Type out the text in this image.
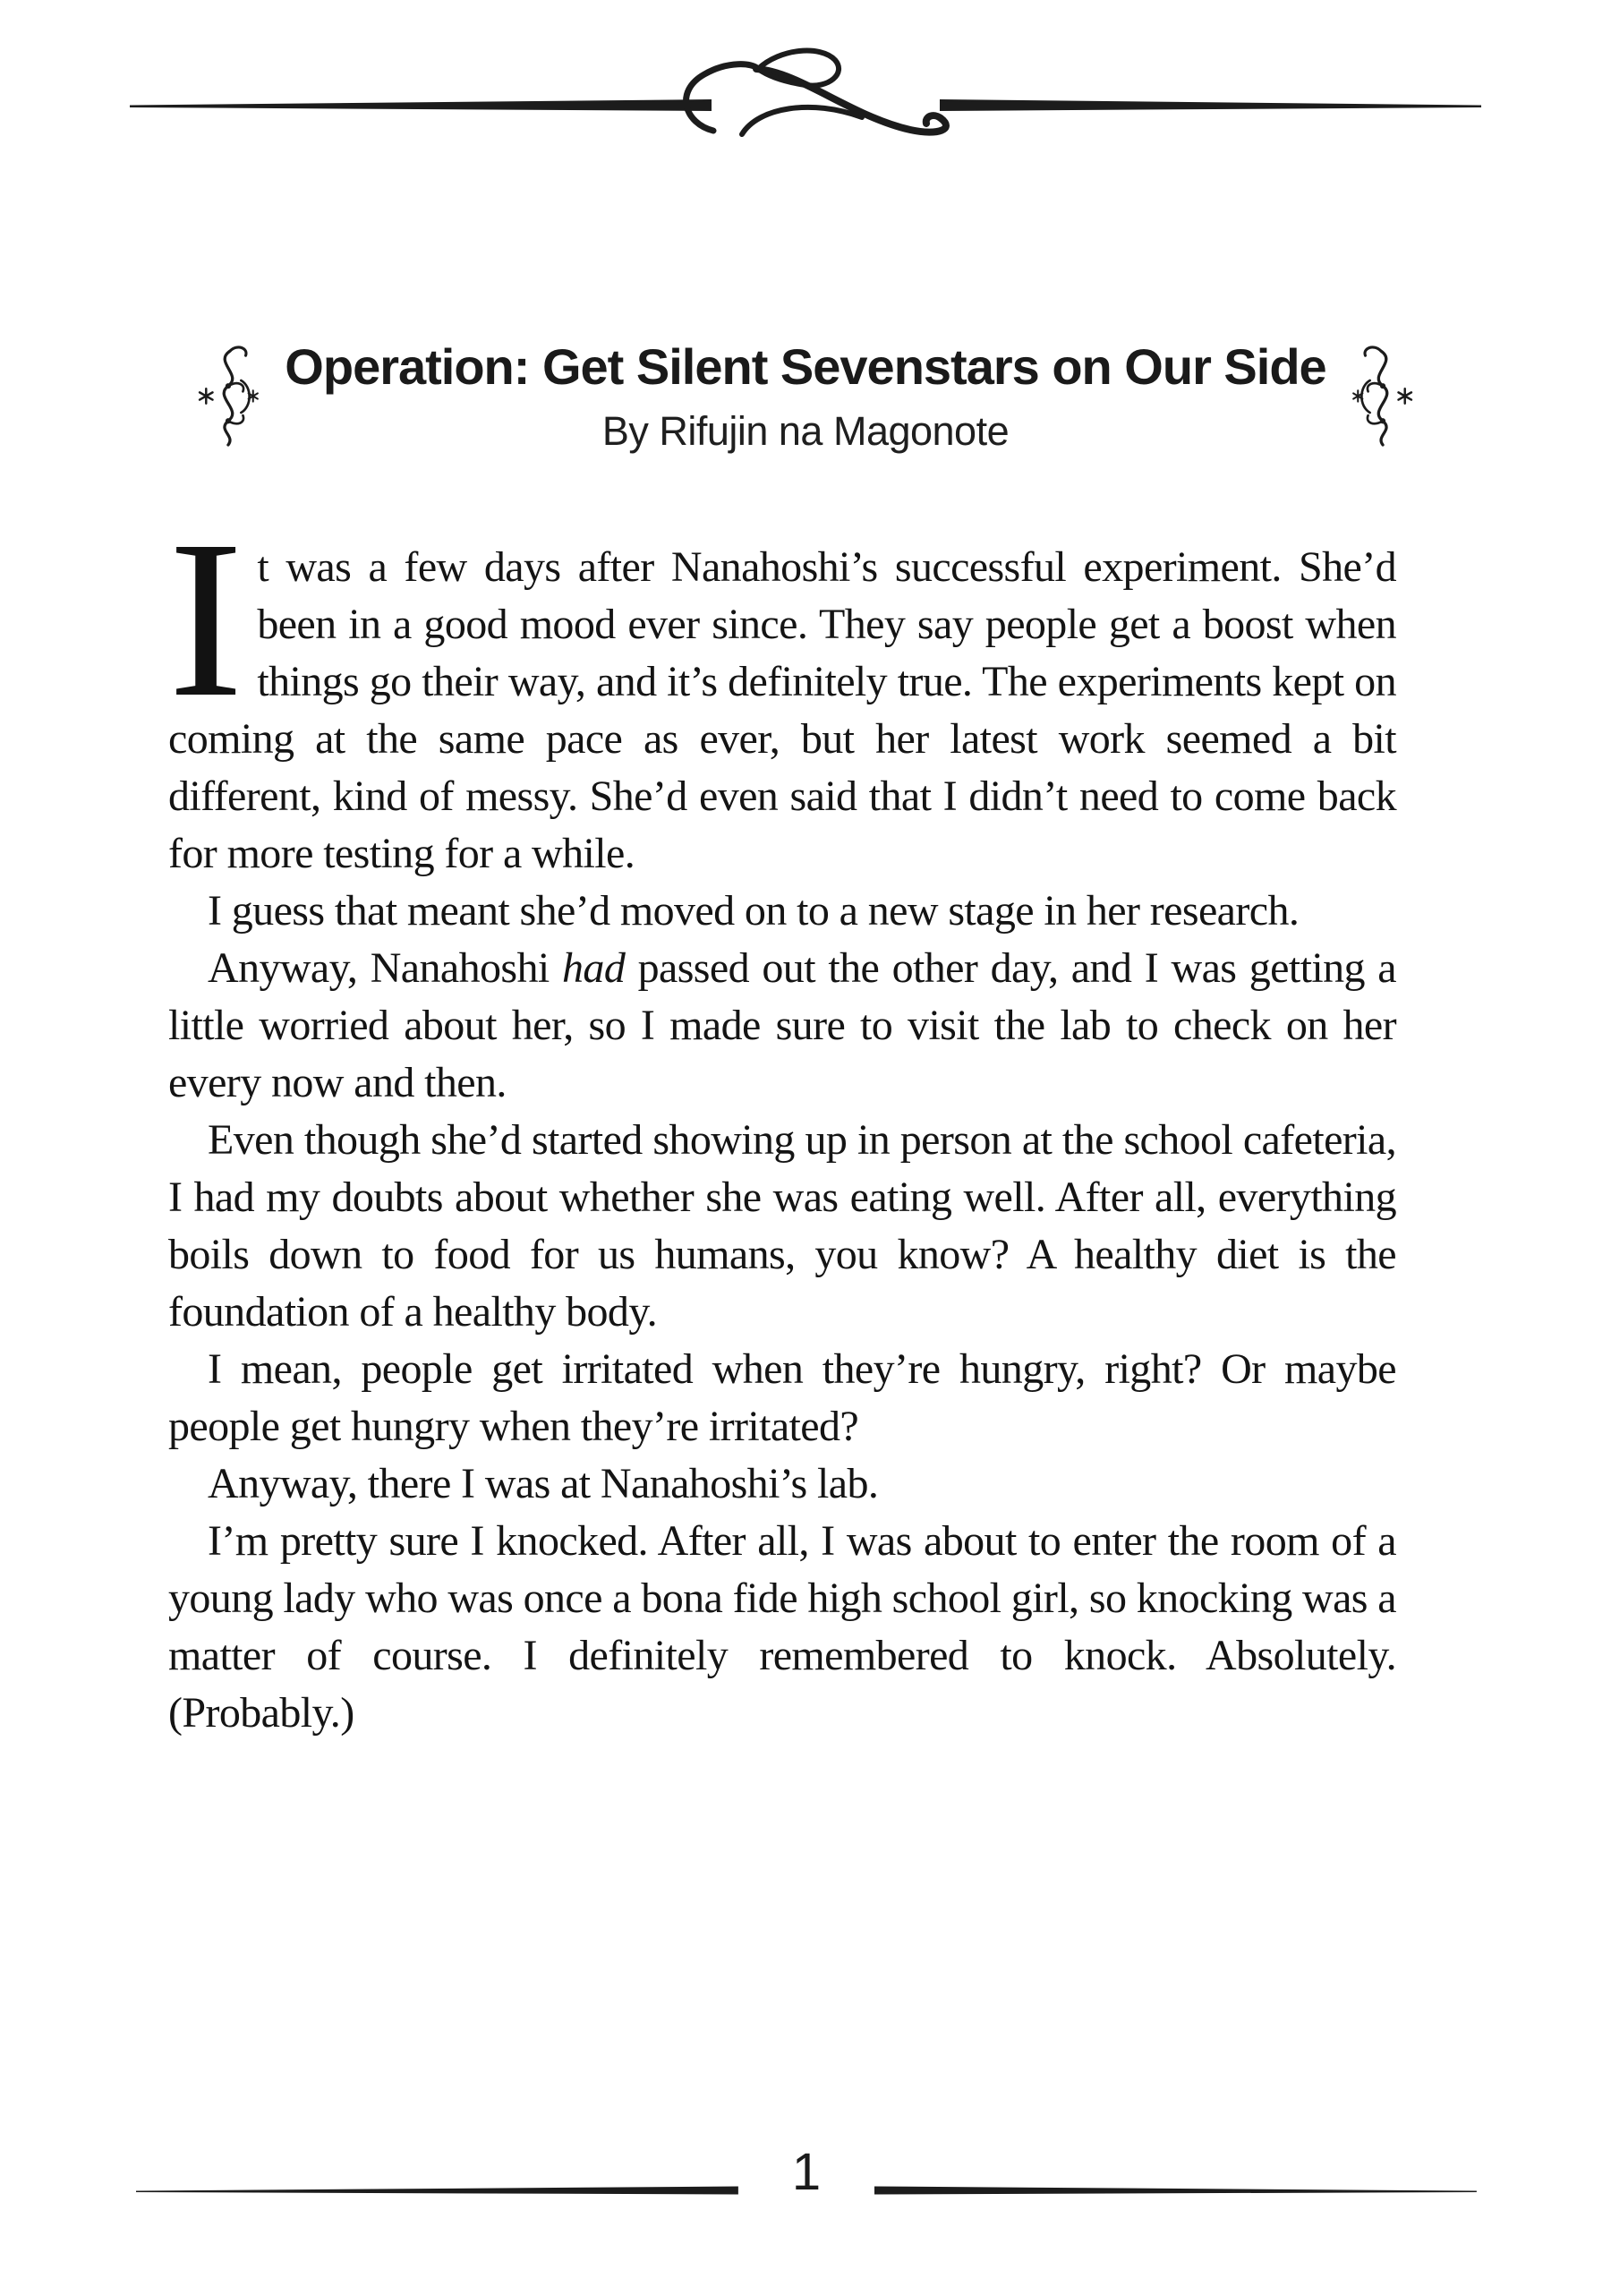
Operation: Get Silent Sevenstars on Our Side
By Rifujin na Magonote

It was a few days after Nanahoshi’s successful experiment. She’d been in a good mood ever since. They say people get a boost when things go their way, and it’s definitely true. The experiments kept on coming at the same pace as ever, but her latest work seemed a bit different, kind of messy. She’d even said that I didn’t need to come back for more testing for a while.

I guess that meant she’d moved on to a new stage in her research.

Anyway, Nanahoshi had passed out the other day, and I was getting a little worried about her, so I made sure to visit the lab to check on her every now and then.

Even though she’d started showing up in person at the school cafeteria, I had my doubts about whether she was eating well. After all, everything boils down to food for us humans, you know? A healthy diet is the foundation of a healthy body.

I mean, people get irritated when they’re hungry, right? Or maybe people get hungry when they’re irritated?

Anyway, there I was at Nanahoshi’s lab.

I’m pretty sure I knocked. After all, I was about to enter the room of a young lady who was once a bona fide high school girl, so knocking was a matter of course. I definitely remembered to knock. Absolutely. (Probably.)

1
